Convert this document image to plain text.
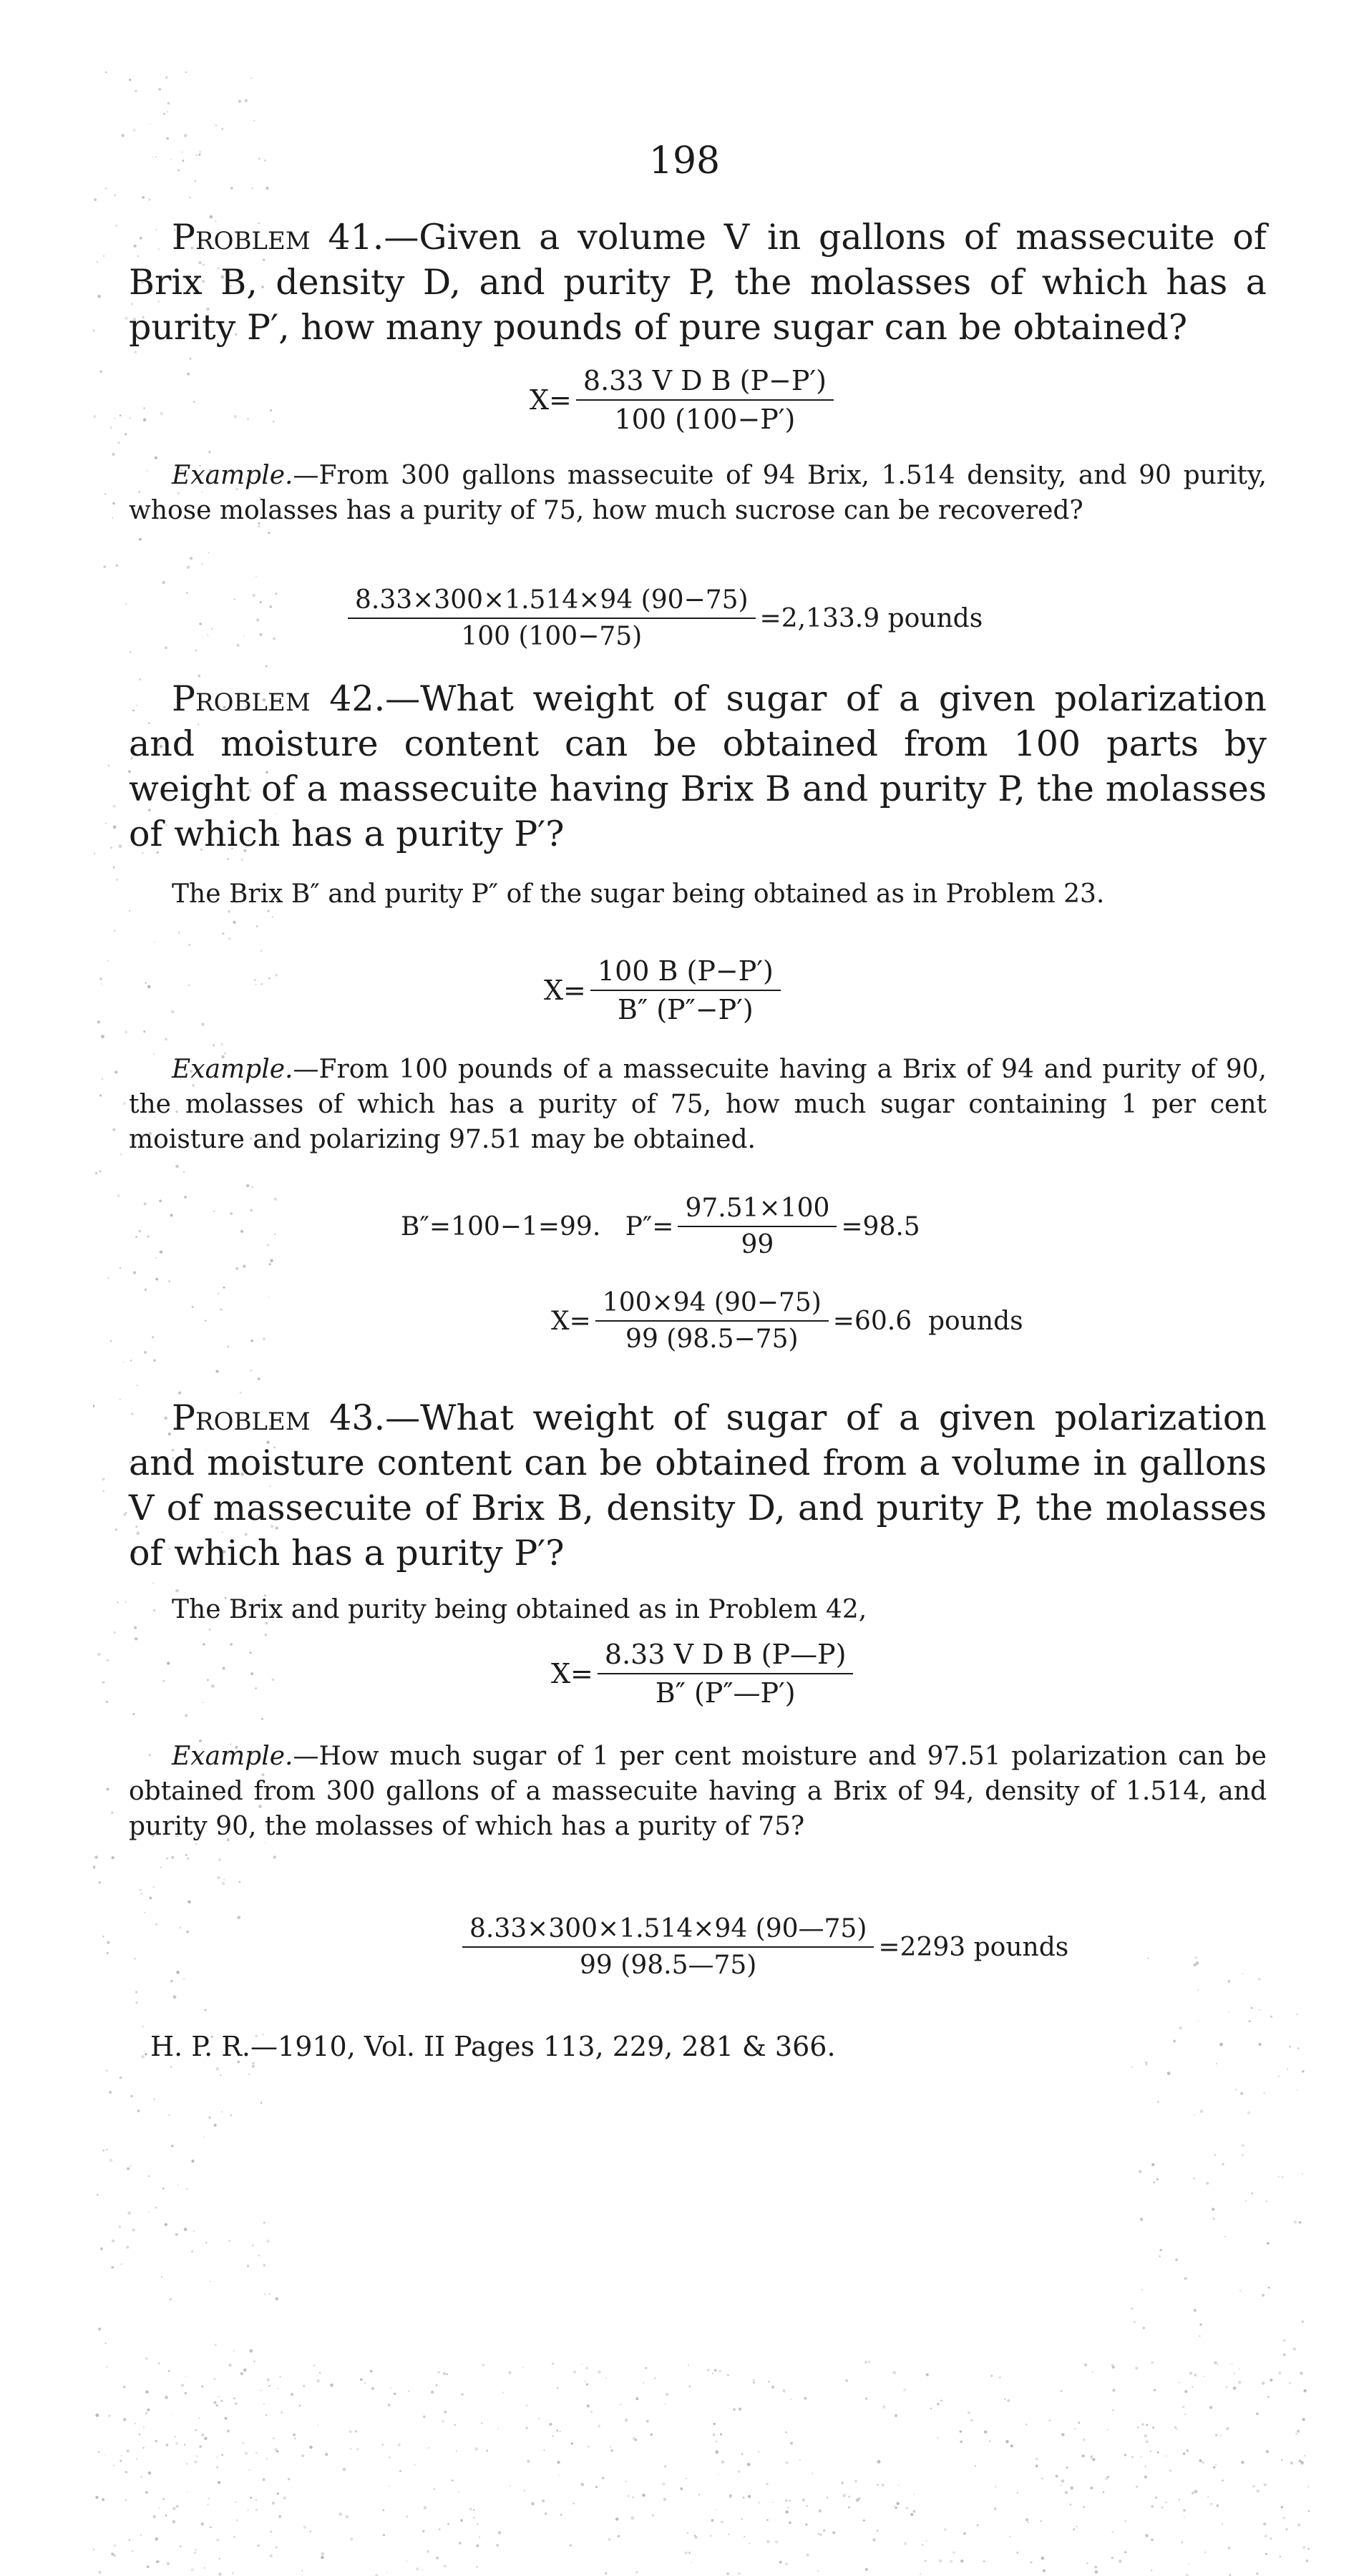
198

Problem 41.—Given a volume V in gallons of massecuite of Brix B, density D, and purity P, the molasses of which has a purity P′, how many pounds of pure sugar can be obtained?

$X= \frac{\text{8.33 V D B (P−P′)}}{100 (100-P')}$

Example.—From 300 gallons massecuite of 94 Brix, 1.514 density, and 90 purity, whose molasses has a purity of 75, how much sucrose can be recovered?

$\frac{8.33\times 300\times 1.514\times 94 (90-75)}{100 (100-75)} =2,133.9$ pounds

Problem 42.—What weight of sugar of a given polarization and moisture content can be obtained from 100 parts by weight of a massecuite having Brix B and purity P, the molasses of which has a purity P′?

The Brix B″ and purity P″ of the sugar being obtained as in Problem 23.

$X= \frac{100 B (P-P')}{B'' (P''-P')}$

Example.—From 100 pounds of a massecuite having a Brix of 94 and purity of 90, the molasses of which has a purity of 75, how much sugar containing 1 per cent moisture and polarizing 97.51 may be obtained.

B″=100−1=99.   $P''= \frac{97.51\times 100}{99} =98.5$
$X= \frac{100\times 94 (90-75)}{99 (98.5-75)} =60.6$  pounds

Problem 43.—What weight of sugar of a given polarization and moisture content can be obtained from a volume in gallons V of massecuite of Brix B, density D, and purity P, the molasses of which has a purity P′?

The Brix and purity being obtained as in Problem 42,

$X= \frac{\text{8.33 V D B (P—P)}}{B'' (P''—P')}$

Example.—How much sugar of 1 per cent moisture and 97.51 polarization can be obtained from 300 gallons of a massecuite having a Brix of 94, density of 1.514, and purity 90, the molasses of which has a purity of 75?

$\frac{8.33\times 300\times 1.514\times 94 (90—75)}{99 (98.5—75)} =2293$ pounds
H. P. R.—1910, Vol. II Pages 113, 229, 281 & 366.
